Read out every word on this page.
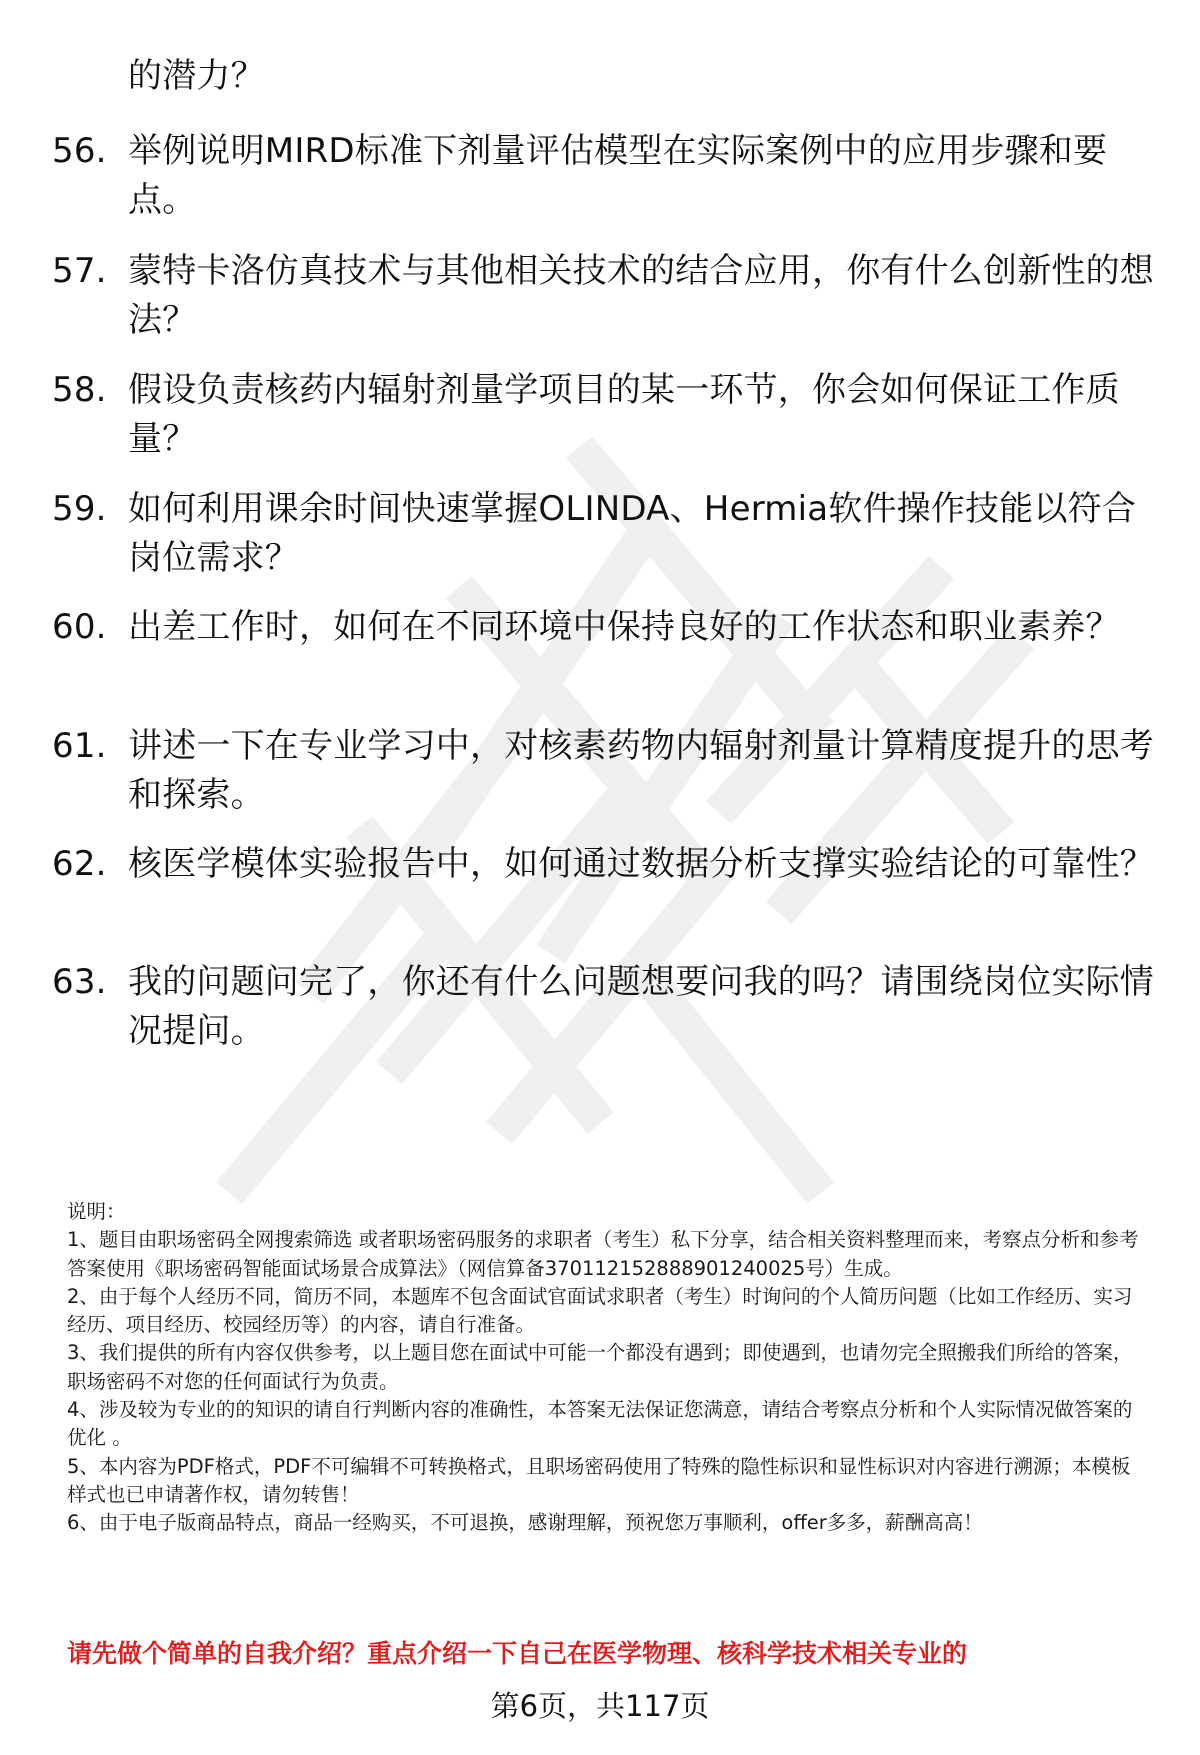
的潜力？
56. 举例说明MIRD标准下剂量评估模型在实际案例中的应用步骤和要点。
57. 蒙特卡洛仿真技术与其他相关技术的结合应用，你有什么创新性的想法？
58. 假设负责核药内辐射剂量学项目的某一环节，你会如何保证工作质量？
59. 如何利用课余时间快速掌握OLINDA、Hermia软件操作技能以符合岗位需求？
60. 出差工作时，如何在不同环境中保持良好的工作状态和职业素养？
61. 讲述一下在专业学习中，对核素药物内辐射剂量计算精度提升的思考和探索。
62. 核医学模体实验报告中，如何通过数据分析支撑实验结论的可靠性？
63. 我的问题问完了，你还有什么问题想要问我的吗？请围绕岗位实际情况提问。

说明：

1、题目由职场密码全网搜索筛选 或者职场密码服务的求职者（考生）私下分享，结合相关资料整理而来，考察点分析和参考答案使用《职场密码智能面试场景合成算法》（网信算备37011215288890124​0025号）生成。

2、由于每个人经历不同，简历不同，本题库不包含面试官面试求职者（考生）时询问的个人简历问题（比如工作经历、实习经历、项目经历、校园经历等）的内容，请自行准备。

3、我们提供的所有内容仅供参考，以上题目您在面试中可能一个都没有遇到；即使遇到，也请勿完全照搬我们所给的答案，职场密码不对您的任何面试行为负责。

4、涉及较为专业的的知识的请自行判断内容的准确性，本答案无法保证您满意，请结合考察点分析和个人实际情况做答案的优化 。

5、本内容为PDF格式，PDF不可编辑不可转换格式，且职场密码使用了特殊的隐性标识和显性标识对内容进行溯源；本模板样式也已申请著作权，请勿转售！

6、由于电子版商品特点，商品一经购买，不可退换，感谢理解，预祝您万事顺利，offer多多，薪酬高高！

请先做个简单的自我介绍？重点介绍一下自己在医学物理、核科学技术相关专业的
第6页，共117页
